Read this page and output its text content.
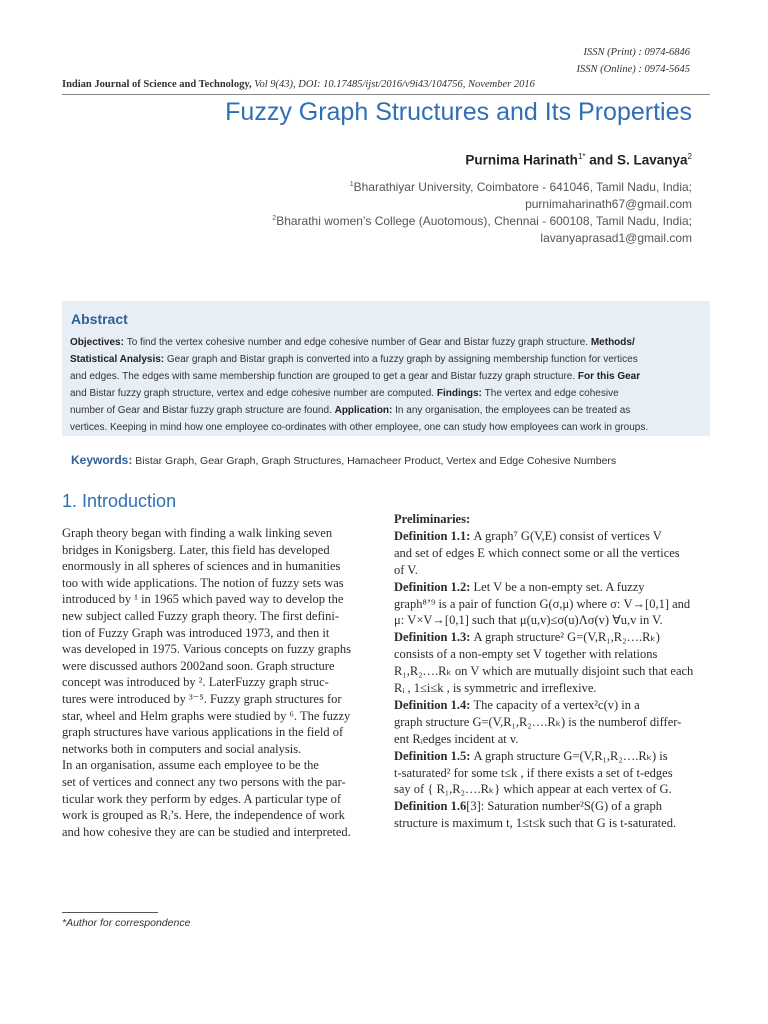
ISSN (Print) : 0974-6846
ISSN (Online) : 0974-5645
Indian Journal of Science and Technology, Vol 9(43), DOI: 10.17485/ijst/2016/v9i43/104756, November 2016
Fuzzy Graph Structures and Its Properties
Purnima Harinath$^{1*}$ and S. Lavanya$^2$
$^1$Bharathiyar University, Coimbatore - 641046, Tamil Nadu, India;
purnimaharinath67@gmail.com
$^2$Bharathi women’s College (Auotomous), Chennai - 600108, Tamil Nadu, India;
lavanyaprasad1@gmail.com
Abstract
Objectives: To find the vertex cohesive number and edge cohesive number of Gear and Bistar fuzzy graph structure. Methods/
Statistical Analysis: Gear graph and Bistar graph is converted into a fuzzy graph by assigning membership function for vertices
and edges. The edges with same membership function are grouped to get a gear and Bistar fuzzy graph structure. For this Gear
and Bistar fuzzy graph structure, vertex and edge cohesive number are computed. Findings: The vertex and edge cohesive
number of Gear and Bistar fuzzy graph structure are found. Application: In any organisation, the employees can be treated as
vertices. Keeping in mind how one employee co-ordinates with other employee, one can study how employees can work in groups.
Keywords: Bistar Graph, Gear Graph, Graph Structures, Hamacheer Product, Vertex and Edge Cohesive Numbers
1. Introduction
Graph theory began with finding a walk linking seven
bridges in Konigsberg. Later, this field has developed
enormously in all spheres of sciences and in humanities
too with wide applications. The notion of fuzzy sets was
introduced by ¹ in 1965 which paved way to develop the
new subject called Fuzzy graph theory. The first defini-
tion of Fuzzy Graph was introduced 1973, and then it
was developed in 1975. Various concepts on fuzzy graphs
were discussed authors 2002and soon. Graph structure
concept was introduced by ². LaterFuzzy graph struc-
tures were introduced by ³⁻⁵. Fuzzy graph structures for
star, wheel and Helm graphs were studied by ⁶. The fuzzy
graph structures have various applications in the field of
networks both in computers and social analysis.
In an organisation, assume each employee to be the
set of vertices and connect any two persons with the par-
ticular work they perform by edges. A particular type of
work is grouped as Rᵢ’s. Here, the independence of work
and how cohesive they are can be studied and interpreted.
Preliminaries:
Definition 1.1: A graph⁷ G(V,E) consist of vertices V
and set of edges E which connect some or all the vertices
of V.
Definition 1.2: Let V be a non-empty set. A fuzzy
graph⁸ʼ⁹ is a pair of function G(σ,μ) where σ: V→[0,1] and
μ: V×V→[0,1] such that μ(u,v)≤σ(u)Λσ(v) ∀u,v in V.
Definition 1.3: A graph structure² G=(V,R₁,R₂….Rₖ)
consists of a non-empty set V together with relations
R₁,R₂….Rₖ on V which are mutually disjoint such that each
Rᵢ , 1≤i≤k , is symmetric and irreflexive.
Definition 1.4: The capacity of a vertex²c(v) in a
graph structure G=(V,R₁,R₂….Rₖ) is the numberof differ-
ent Rᵢedges incident at v.
Definition 1.5: A graph structure G=(V,R₁,R₂….Rₖ) is
t-saturated² for some t≤k , if there exists a set of t-edges
say of { R₁,R₂….Rₖ} which appear at each vertex of G.
Definition 1.6[3]: Saturation number²S(G) of a graph
structure is maximum t, 1≤t≤k such that G is t-saturated.
*Author for correspondence
